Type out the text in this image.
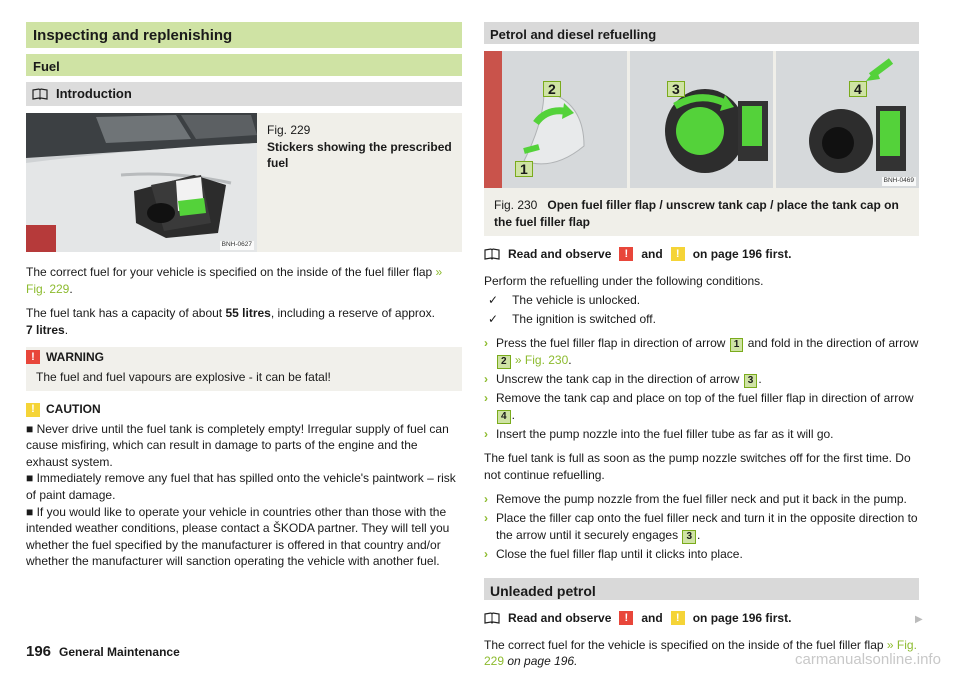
Inspecting and replenishing
Fuel
Introduction
BNH-0627
Fig. 229
Stickers showing the prescribed fuel

The correct fuel for your vehicle is specified on the inside of the fuel filler flap » Fig. 229.

The fuel tank has a capacity of about 55 litres, including a reserve of approx.
7 litres.

! WARNING
The fuel and fuel vapours are explosive - it can be fatal!
! CAUTION
■ Never drive until the fuel tank is completely empty! Irregular supply of fuel can cause misfiring, which can result in damage to parts of the engine and the exhaust system.
■ Immediately remove any fuel that has spilled onto the vehicle's paintwork – risk of paint damage.
■ If you would like to operate your vehicle in countries other than those with the intended weather conditions, please contact a ŠKODA partner. They will tell you whether the fuel specified by the manufacturer is offered in that country and/or whether the manufacturer will sanction operating the vehicle with another fuel.
Petrol and diesel refuelling
2
1
3	4
BNH-0469
Fig. 230 Open fuel filler flap / unscrew tank cap / place the tank cap on the fuel filler flap
Read and observe	!	and	!	on page 196 first.

Perform the refuelling under the following conditions.

✓ The vehicle is unlocked.
✓ The ignition is switched off.
› Press the fuel filler flap in direction of arrow 1 and fold in the direction of arrow 2 » Fig. 230.
› Unscrew the tank cap in the direction of arrow 3 .
› Remove the tank cap and place on top of the fuel filler flap in direction of arrow 4 .
› Insert the pump nozzle into the fuel filler tube as far as it will go.

The fuel tank is full as soon as the pump nozzle switches off for the first time. Do not continue refuelling.

› Remove the pump nozzle from the fuel filler neck and put it back in the pump.
› Place the filler cap onto the fuel filler neck and turn it in the opposite direction to the arrow until it securely engages 3 .
› Close the fuel filler flap until it clicks into place.
Unleaded petrol
Read and observe	!	and	!	on page 196 first.

The correct fuel for the vehicle is specified on the inside of the fuel filler flap » Fig. 229 on page 196.

▶
196 General Maintenance	carmanualsonline.info
